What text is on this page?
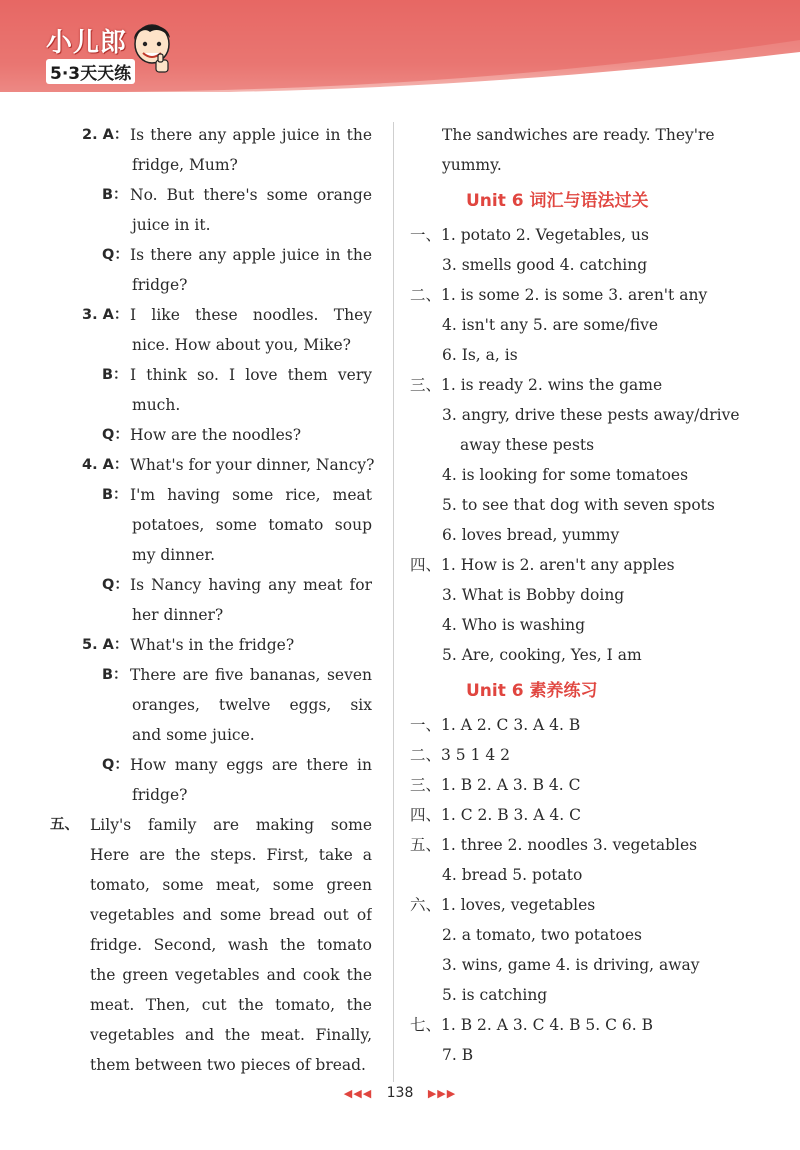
小儿郎
5·3天天练
2. A： Is there any apple juice in the
fridge, Mum?
B： No. But there's some orange
juice in it.
Q： Is there any apple juice in the
fridge?
3. A： I like these noodles. They
nice. How about you, Mike?
B： I think so. I love them very
much.
Q： How are the noodles?
4. A： What's for your dinner, Nancy?
B： I'm having some rice, meat
potatoes, some tomato soup
my dinner.
Q： Is Nancy having any meat for
her dinner?
5. A： What's in the fridge?
B： There are five bananas, seven
oranges, twelve eggs, six
and some juice.
Q： How many eggs are there in
fridge?
五、 Lily's family are making some
Here are the steps. First, take a
tomato, some meat, some green
vegetables and some bread out of
fridge. Second, wash the tomato
the green vegetables and cook the
meat. Then, cut the tomato, the
vegetables and the meat. Finally,
them between two pieces of bread.
The sandwiches are ready. They're
yummy.
Unit 6 词汇与语法过关
一、1. potato 2. Vegetables, us
3. smells good 4. catching
二、1. is some 2. is some 3. aren't any
4. isn't any 5. are some/five
6. Is, a, is
三、1. is ready 2. wins the game
3. angry, drive these pests away/drive
away these pests
4. is looking for some tomatoes
5. to see that dog with seven spots
6. loves bread, yummy
四、1. How is 2. aren't any apples
3. What is Bobby doing
4. Who is washing
5. Are, cooking, Yes, I am
Unit 6 素养练习
一、1. A 2. C 3. A 4. B
二、3 5 1 4 2
三、1. B 2. A 3. B 4. C
四、1. C 2. B 3. A 4. C
五、1. three 2. noodles 3. vegetables
4. bread 5. potato
六、1. loves, vegetables
2. a tomato, two potatoes
3. wins, game 4. is driving, away
5. is catching
七、1. B 2. A 3. C 4. B 5. C 6. B
7. B
◀◀◀ 138 ▶▶▶
